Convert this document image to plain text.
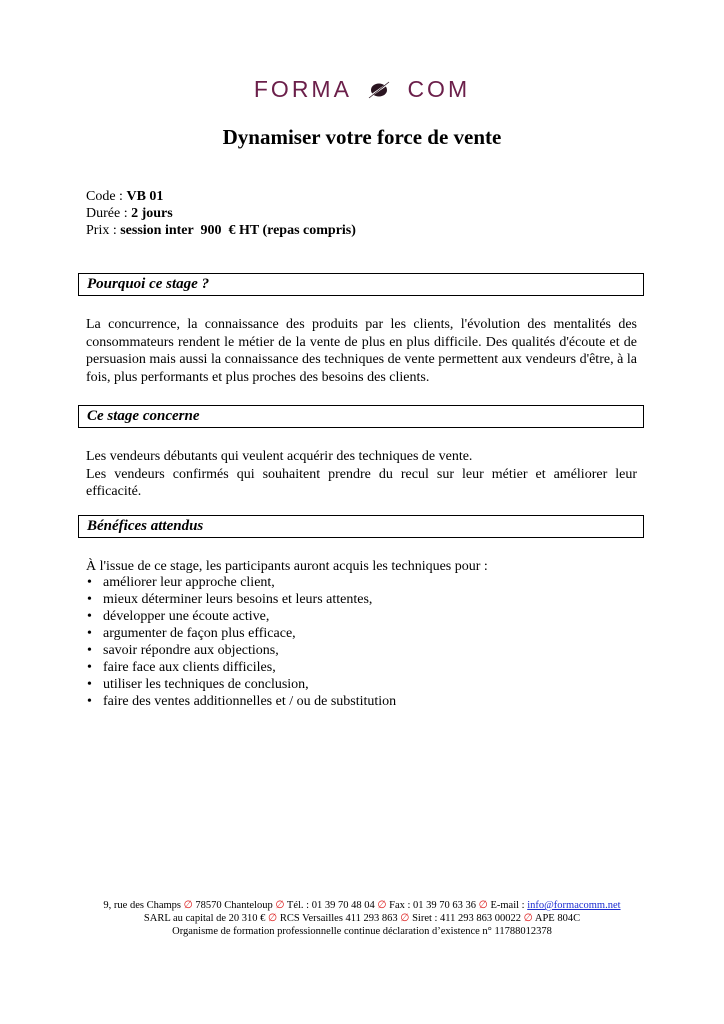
FORMA COM
Dynamiser votre force de vente
Code : VB 01
Durée : 2 jours
Prix : session inter  900  € HT (repas compris)
Pourquoi ce stage ?
La concurrence, la connaissance des produits par les clients, l'évolution des mentalités des consommateurs rendent le métier de la vente de plus en plus difficile. Des qualités d'écoute et de persuasion mais aussi la connaissance des techniques de vente permettent aux vendeurs d'être, à la fois, plus performants et plus proches des besoins des clients.
Ce stage concerne
Les vendeurs débutants qui veulent acquérir des techniques de vente.
Les vendeurs confirmés qui souhaitent prendre du recul sur leur métier et améliorer leur efficacité.
Bénéfices attendus
À l'issue de ce stage, les participants auront acquis les techniques pour :
• améliorer leur approche client,
• mieux déterminer leurs besoins et leurs attentes,
• développer une écoute active,
• argumenter de façon plus efficace,
• savoir répondre aux objections,
• faire face aux clients difficiles,
• utiliser les techniques de conclusion,
• faire des ventes additionnelles et / ou de substitution
9, rue des Champs ∅ 78570 Chanteloup ∅ Tél. : 01 39 70 48 04 ∅ Fax : 01 39 70 63 36 ∅ E-mail : info@formacomm.net
SARL au capital de 20 310 € ∅ RCS Versailles 411 293 863 ∅ Siret : 411 293 863 00022 ∅ APE 804C
Organisme de formation professionnelle continue déclaration d’existence n° 11788012378
